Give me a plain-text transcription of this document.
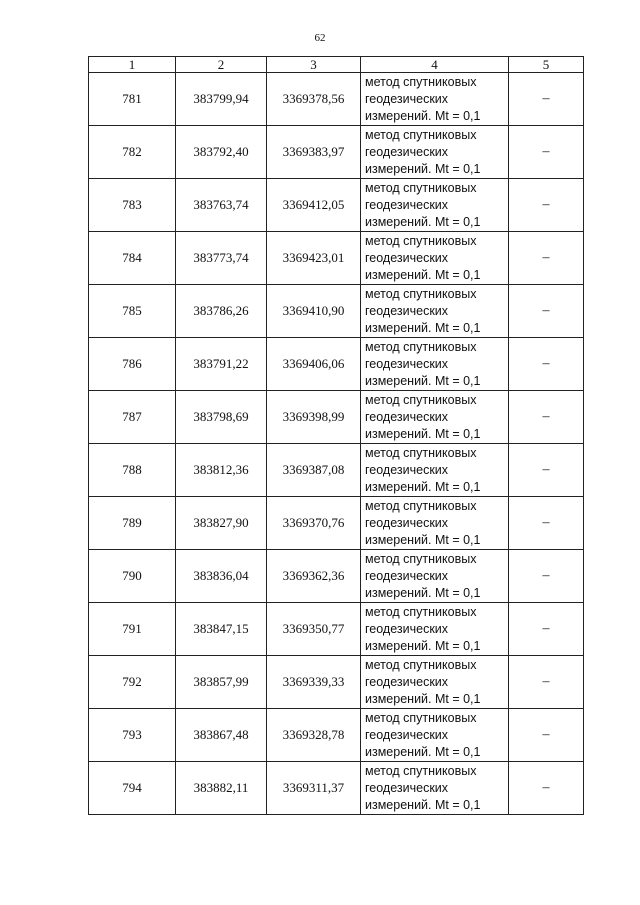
62
1	2	3	4	5
781	383799,94	3369378,56	метод спутниковых
геодезических
измерений. Mt = 0,1	–
782	383792,40	3369383,97	метод спутниковых
геодезических
измерений. Mt = 0,1	–
783	383763,74	3369412,05	метод спутниковых
геодезических
измерений. Mt = 0,1	–
784	383773,74	3369423,01	метод спутниковых
геодезических
измерений. Mt = 0,1	–
785	383786,26	3369410,90	метод спутниковых
геодезических
измерений. Mt = 0,1	–
786	383791,22	3369406,06	метод спутниковых
геодезических
измерений. Mt = 0,1	–
787	383798,69	3369398,99	метод спутниковых
геодезических
измерений. Mt = 0,1	–
788	383812,36	3369387,08	метод спутниковых
геодезических
измерений. Mt = 0,1	–
789	383827,90	3369370,76	метод спутниковых
геодезических
измерений. Mt = 0,1	–
790	383836,04	3369362,36	метод спутниковых
геодезических
измерений. Mt = 0,1	–
791	383847,15	3369350,77	метод спутниковых
геодезических
измерений. Mt = 0,1	–
792	383857,99	3369339,33	метод спутниковых
геодезических
измерений. Mt = 0,1	–
793	383867,48	3369328,78	метод спутниковых
геодезических
измерений. Mt = 0,1	–
794	383882,11	3369311,37	метод спутниковых
геодезических
измерений. Mt = 0,1	–
